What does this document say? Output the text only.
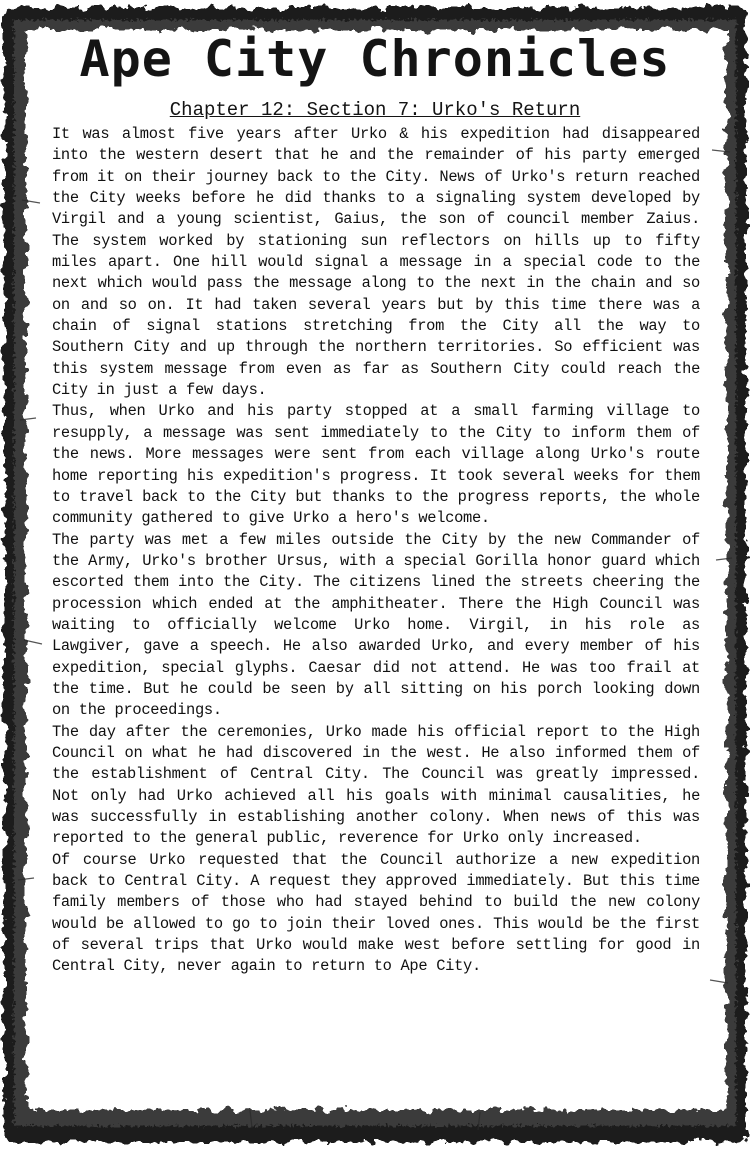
Ape City Chronicles
Chapter 12: Section 7: Urko's Return

It was almost five years after Urko & his expedition had disappeared into the western desert that he and the remainder of his party emerged from it on their journey back to the City. News of Urko's return reached the City weeks before he did thanks to a signaling system developed by Virgil and a young scientist, Gaius, the son of council member Zaius. The system worked by stationing sun reflectors on hills up to fifty miles apart. One hill would signal a message in a special code to the next which would pass the message along to the next in the chain and so on and so on. It had taken several years but by this time there was a chain of signal stations stretching from the City all the way to Southern City and up through the northern territories. So efficient was this system message from even as far as Southern City could reach the City in just a few days.

Thus, when Urko and his party stopped at a small farming village to resupply, a message was sent immediately to the City to inform them of the news. More messages were sent from each village along Urko's route home reporting his expedition's progress. It took several weeks for them to travel back to the City but thanks to the progress reports, the whole community gathered to give Urko a hero's welcome.

The party was met a few miles outside the City by the new Commander of the Army, Urko's brother Ursus, with a special Gorilla honor guard which escorted them into the City. The citizens lined the streets cheering the procession which ended at the amphitheater. There the High Council was waiting to officially welcome Urko home. Virgil, in his role as Lawgiver, gave a speech. He also awarded Urko, and every member of his expedition, special glyphs. Caesar did not attend. He was too frail at the time. But he could be seen by all sitting on his porch looking down on the proceedings.

The day after the ceremonies, Urko made his official report to the High Council on what he had discovered in the west. He also informed them of the establishment of Central City. The Council was greatly impressed. Not only had Urko achieved all his goals with minimal causalities, he was successfully in establishing another colony. When news of this was reported to the general public, reverence for Urko only increased.

Of course Urko requested that the Council authorize a new expedition back to Central City. A request they approved immediately. But this time family members of those who had stayed behind to build the new colony would be allowed to go to join their loved ones. This would be the first of several trips that Urko would make west before settling for good in Central City, never again to return to Ape City.
